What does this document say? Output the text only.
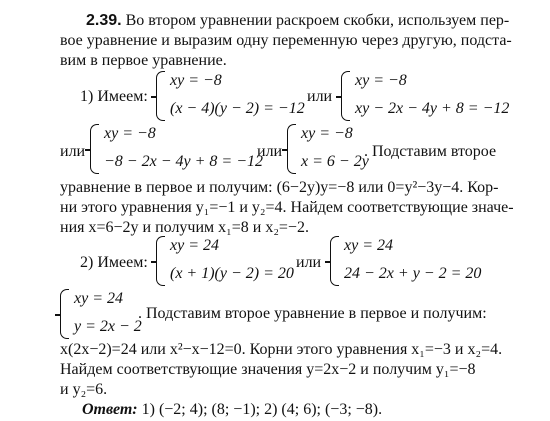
2.39. Во втором уравнении раскроем скобки, используем пер-
вое уравнение и выразим одну переменную через другую, подста-
вим в первое уравнение.
1) Имеем:
xy = −8
(x − 4)(y − 2) = −12
или
xy = −8
xy − 2x − 4y + 8 = −12
или
xy = −8
−8 − 2x − 4y + 8 = −12
или
xy = −8
x = 6 − 2y
. Подставим второе
уравнение в первое и получим: (6−2y)y=−8 или 0=y²−3y−4. Кор-
ни этого уравнения y₁=−1 и y₂=4. Найдем соответствующие значе-
ния x=6−2y и получим x₁=8 и x₂=−2.
2) Имеем:
xy = 24
(x + 1)(y − 2) = 20
или
xy = 24
24 − 2x + y − 2 = 20
xy = 24
y = 2x − 2
. Подставим второе уравнение в первое и получим:
x(2x−2)=24 или x²−x−12=0. Корни этого уравнения x₁=−3 и x₂=4.
Найдем соответствующие значения y=2x−2 и получим y₁=−8
и y₂=6.
Ответ: 1) (−2; 4); (8; −1); 2) (4; 6); (−3; −8).
